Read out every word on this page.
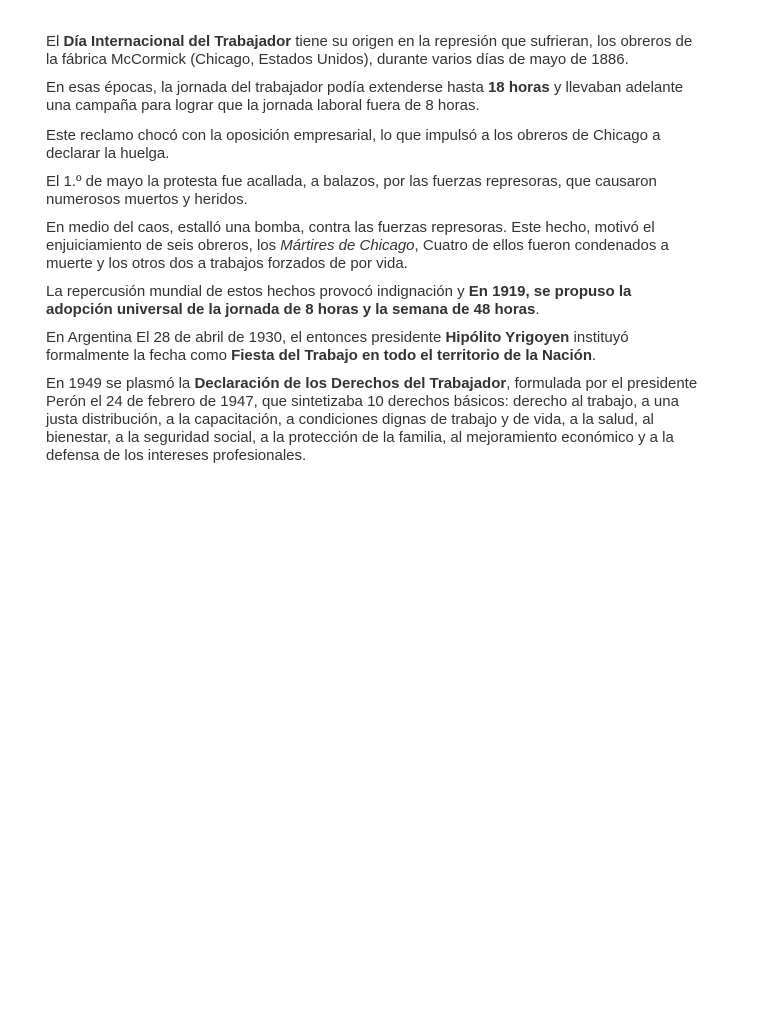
El Día Internacional del Trabajador tiene su origen en la represión que sufrieran, los obreros de la fábrica McCormick (Chicago, Estados Unidos), durante varios días de mayo de 1886.

En esas épocas, la jornada del trabajador podía extenderse hasta 18 horas y llevaban adelante una campaña para lograr que la jornada laboral fuera de 8 horas.

Este reclamo chocó con la oposición empresarial, lo que impulsó a los obreros de Chicago a declarar la huelga.

El 1.º de mayo la protesta fue acallada, a balazos, por las fuerzas represoras, que causaron numerosos muertos y heridos.

En medio del caos, estalló una bomba, contra las fuerzas represoras. Este hecho, motivó el enjuiciamiento de seis obreros, los Mártires de Chicago, Cuatro de ellos fueron condenados a muerte y los otros dos a trabajos forzados de por vida.

La repercusión mundial de estos hechos provocó indignación y En 1919, se propuso la adopción universal de la jornada de 8 horas y la semana de 48 horas.

En Argentina El 28 de abril de 1930, el entonces presidente Hipólito Yrigoyen instituyó formalmente la fecha como Fiesta del Trabajo en todo el territorio de la Nación.

En 1949 se plasmó la Declaración de los Derechos del Trabajador, formulada por el presidente Perón el 24 de febrero de 1947, que sintetizaba 10 derechos básicos: derecho al trabajo, a una justa distribución, a la capacitación, a condiciones dignas de trabajo y de vida, a la salud, al bienestar, a la seguridad social, a la protección de la familia, al mejoramiento económico y a la defensa de los intereses profesionales.
